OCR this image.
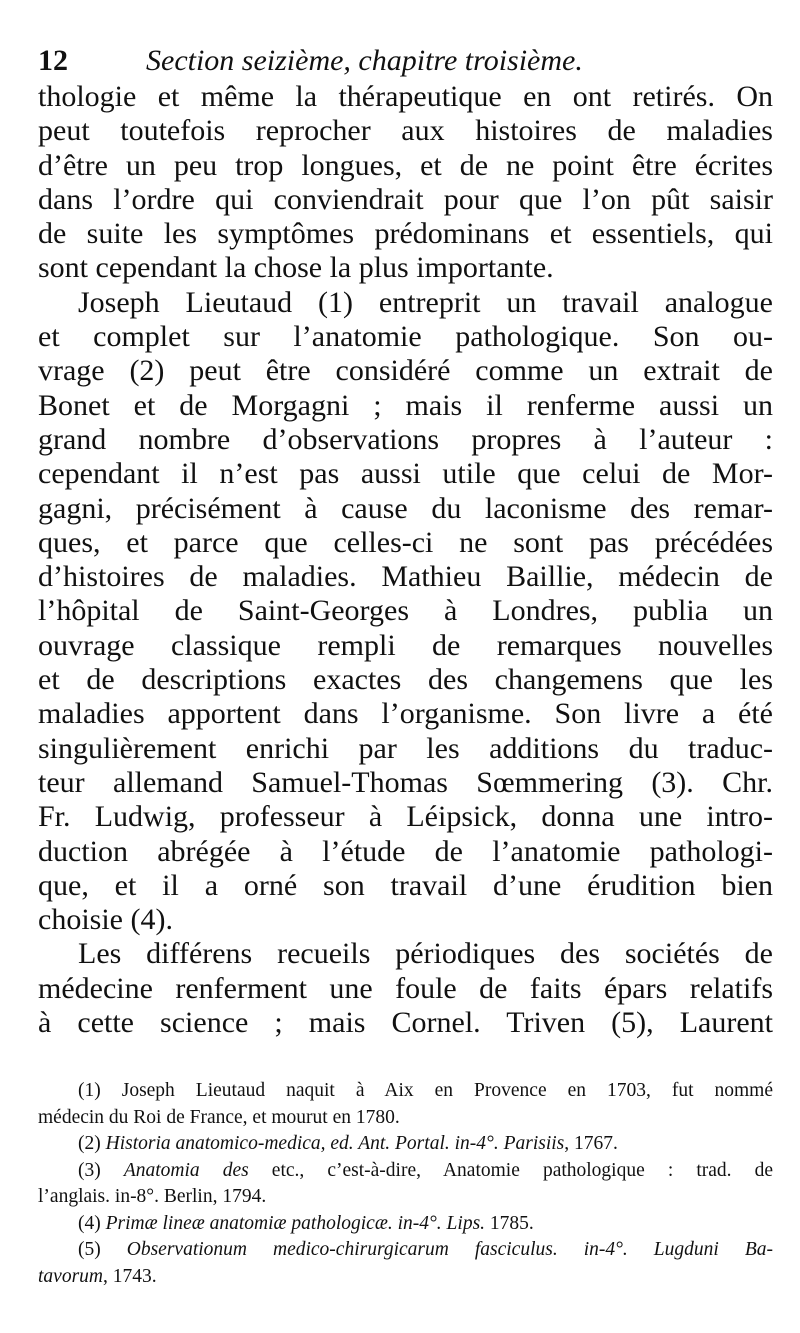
12	Section seizième, chapitre troisième.
thologie et même la thérapeutique en ont retirés. On
peut toutefois reprocher aux histoires de maladies
d’être un peu trop longues, et de ne point être écrites
dans l’ordre qui conviendrait pour que l’on pût saisir
de suite les symptômes prédominans et essentiels, qui
sont cependant la chose la plus importante.
Joseph Lieutaud (1) entreprit un travail analogue
et complet sur l’anatomie pathologique. Son ou-
vrage (2) peut être considéré comme un extrait de
Bonet et de Morgagni ; mais il renferme aussi un
grand nombre d’observations propres à l’auteur :
cependant il n’est pas aussi utile que celui de Mor-
gagni, précisément à cause du laconisme des remar-
ques, et parce que celles-ci ne sont pas précédées
d’histoires de maladies. Mathieu Baillie, médecin de
l’hôpital de Saint-Georges à Londres, publia un
ouvrage classique rempli de remarques nouvelles
et de descriptions exactes des changemens que les
maladies apportent dans l’organisme. Son livre a été
singulièrement enrichi par les additions du traduc-
teur allemand Samuel-Thomas Sœmmering (3). Chr.
Fr. Ludwig, professeur à Léipsick, donna une intro-
duction abrégée à l’étude de l’anatomie pathologi-
que, et il a orné son travail d’une érudition bien
choisie (4).
Les différens recueils périodiques des sociétés de
médecine renferment une foule de faits épars relatifs
à cette science ; mais Cornel. Triven (5), Laurent
(1) Joseph Lieutaud naquit à Aix en Provence en 1703, fut nommé
médecin du Roi de France, et mourut en 1780.
(2) Historia anatomico-medica, ed. Ant. Portal. in-4°. Parisiis, 1767.
(3) Anatomia des etc., c’est-à-dire, Anatomie pathologique : trad. de
l’anglais. in-8°. Berlin, 1794.
(4) Primæ lineæ anatomiæ pathologicæ. in-4°. Lips. 1785.
(5) Observationum medico-chirurgicarum fasciculus. in-4°. Lugduni Ba-
tavorum, 1743.
